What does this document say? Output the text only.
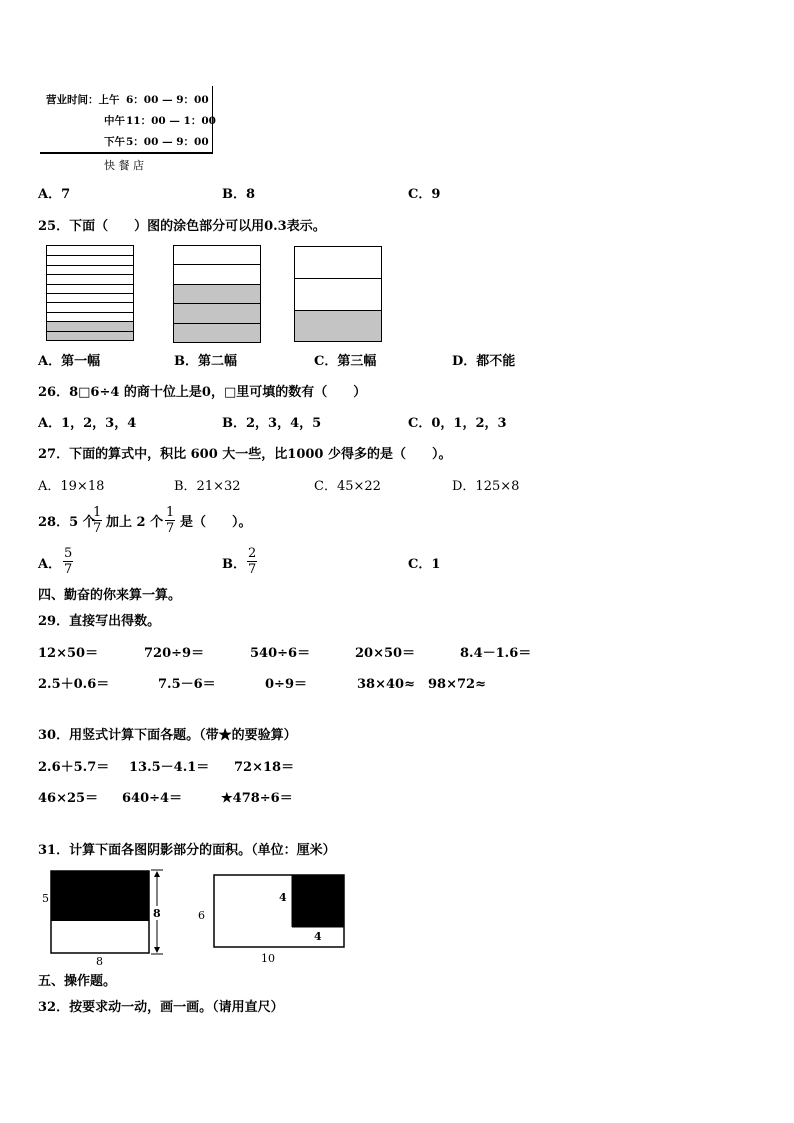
营业时间：上午 6：00 — 9：00
中午 11：00 — 1：00
下午 5：00 — 9：00
快 餐 店
A．7	B．8	C．9
25．下面（　　）图的涂色部分可以用0.3表示。
A．第一幅	B．第二幅	C．第三幅	D．都不能
26．8□6÷4 的商十位上是0，□里可填的数有（　　）
A．1，2，3，4	B．2，3，4，5	C．0，1，2，3
27．下面的算式中，积比 600 大一些，比1000 少得多的是（　　）。
A．19×18	B．21×32	C．45×22	D．125×8
28．5 个
$\frac{1}{7}$ 加上 2 个 $\frac{1}{7}$ 是（　　）。
A． $\frac{5}{7}$	B． $\frac{2}{7}$	C．1
四、勤奋的你来算一算。
29．直接写出得数。
12×50＝	720÷9＝	540÷6＝	20×50＝	8.4－1.6＝
2.5＋0.6＝	7.5－6＝	0÷9＝	38×40≈ 98×72≈
30．用竖式计算下面各题。（带★的要验算）
2.6＋5.7＝ 13.5－4.1＝ 72×18＝
46×25＝ 640÷4＝	★478÷6＝
31．计算下面各图阴影部分的面积。（单位：厘米）
5
8
8
6
4
4
10
五、操作题。
32．按要求动一动，画一画。（请用直尺）
